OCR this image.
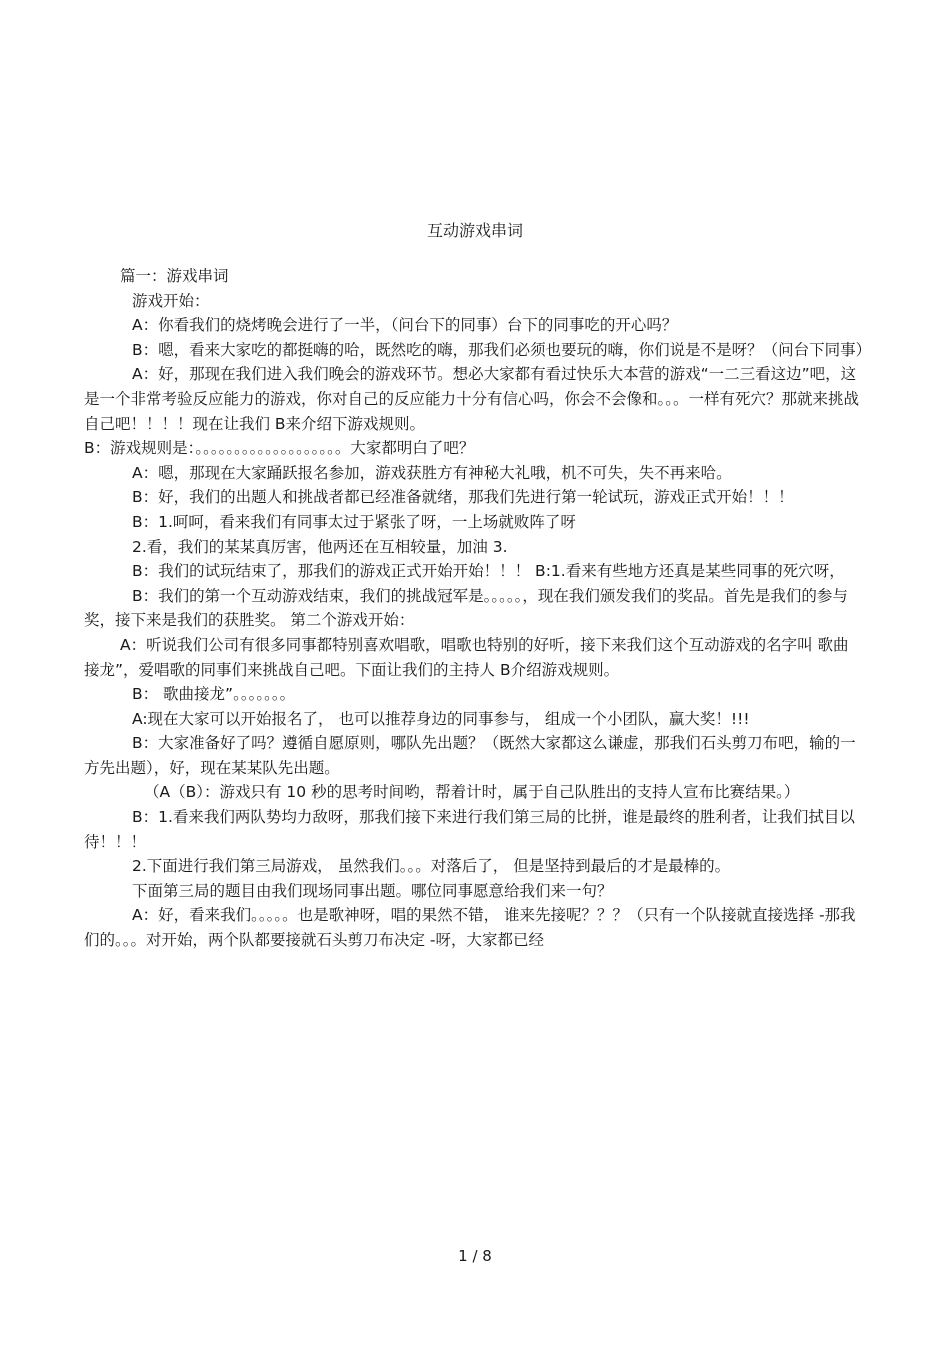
互动游戏串词

篇一：游戏串词

游戏开始：

A：你看我们的烧烤晚会进行了一半，（问台下的同事）台下的同事吃的开心吗？

B：嗯，看来大家吃的都挺嗨的哈，既然吃的嗨，那我们必须也要玩的嗨，你们说是不是呀？（问台下同事）

A：好，那现在我们进入我们晚会的游戏环节。想必大家都有看过快乐大本营的游戏“一二三看这边”吧，这是一个非常考验反应能力的游戏，你对自己的反应能力十分有信心吗，你会不会像和。。。一样有死穴？那就来挑战自己吧！！！！现在让我们 B来介绍下游戏规则。

B：游戏规则是：。。。。。。。。。。。。。。。。。。。大家都明白了吧？

A：嗯，那现在大家踊跃报名参加，游戏获胜方有神秘大礼哦，机不可失，失不再来哈。

B：好，我们的出题人和挑战者都已经准备就绪，那我们先进行第一轮试玩，游戏正式开始！！！

B：1.呵呵，看来我们有同事太过于紧张了呀，一上场就败阵了呀

2.看，我们的某某真厉害，他两还在互相较量，加油 3.

B：我们的试玩结束了，那我们的游戏正式开始开始！！！ B:1.看来有些地方还真是某些同事的死穴呀，

B：我们的第一个互动游戏结束，我们的挑战冠军是。。。。。，现在我们颁发我们的奖品。首先是我们的参与奖，接下来是我们的获胜奖。 第二个游戏开始：

A：听说我们公司有很多同事都特别喜欢唱歌，唱歌也特别的好听，接下来我们这个互动游戏的名字叫 歌曲接龙”，爱唱歌的同事们来挑战自己吧。下面让我们的主持人 B介绍游戏规则。

B： 歌曲接龙”。。。。。。。

A:现在大家可以开始报名了， 也可以推荐身边的同事参与， 组成一个小团队，赢大奖！!!!

B：大家准备好了吗？遵循自愿原则，哪队先出题？（既然大家都这么谦虚，那我们石头剪刀布吧，输的一方先出题），好，现在某某队先出题。

（A（B）：游戏只有 10 秒的思考时间哟，帮着计时，属于自己队胜出的支持人宣布比赛结果。）

B：1.看来我们两队势均力敌呀，那我们接下来进行我们第三局的比拼，谁是最终的胜利者，让我们拭目以待！！！

2.下面进行我们第三局游戏， 虽然我们。。。对落后了， 但是坚持到最后的才是最棒的。

下面第三局的题目由我们现场同事出题。哪位同事愿意给我们来一句？

A：好，看来我们。。。。。也是歌神呀，唱的果然不错， 谁来先接呢？？？（只有一个队接就直接选择 -那我们的。。。对开始，两个队都要接就石头剪刀布决定 -呀，大家都已经

1 / 8
